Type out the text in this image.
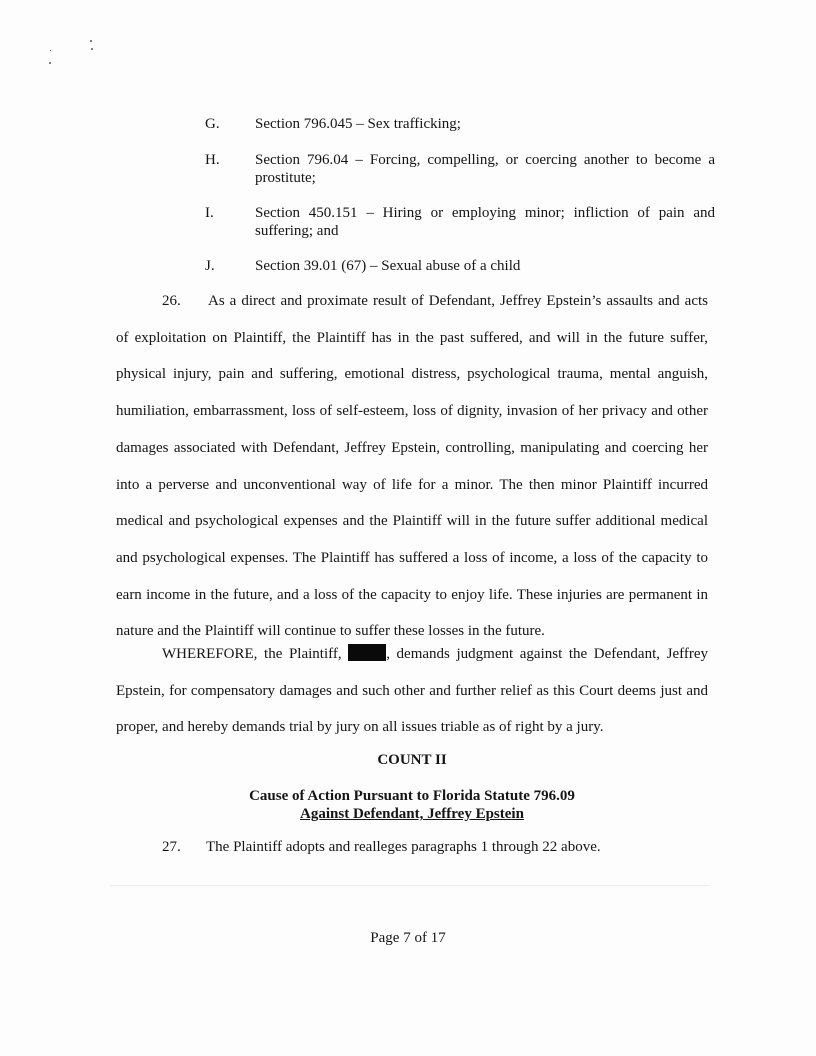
G. Section 796.045 – Sex trafficking;
H. Section 796.04 – Forcing, compelling, or coercing another to become a prostitute;
I.	Section 450.151 – Hiring or employing minor; infliction of pain and suffering; and
J.	Section 39.01 (67) – Sexual abuse of a child
26. As a direct and proximate result of Defendant, Jeffrey Epstein’s assaults and acts of exploitation on Plaintiff, the Plaintiff has in the past suffered, and will in the future suffer, physical injury, pain and suffering, emotional distress, psychological trauma, mental anguish, humiliation, embarrassment, loss of self-esteem, loss of dignity, invasion of her privacy and other damages associated with Defendant, Jeffrey Epstein, controlling, manipulating and coercing her into a perverse and unconventional way of life for a minor. The then minor Plaintiff incurred medical and psychological expenses and the Plaintiff will in the future suffer additional medical and psychological expenses. The Plaintiff has suffered a loss of income, a loss of the capacity to earn income in the future, and a loss of the capacity to enjoy life. These injuries are permanent in nature and the Plaintiff will continue to suffer these losses in the future.
WHEREFORE, the Plaintiff,	, demands judgment against the Defendant, Jeffrey Epstein, for compensatory damages and such other and further relief as this Court deems just and proper, and hereby demands trial by jury on all issues triable as of right by a jury.
COUNT II
Cause of Action Pursuant to Florida Statute 796.09
Against Defendant, Jeffrey Epstein
27. The Plaintiff adopts and realleges paragraphs 1 through 22 above.
Page 7 of 17
